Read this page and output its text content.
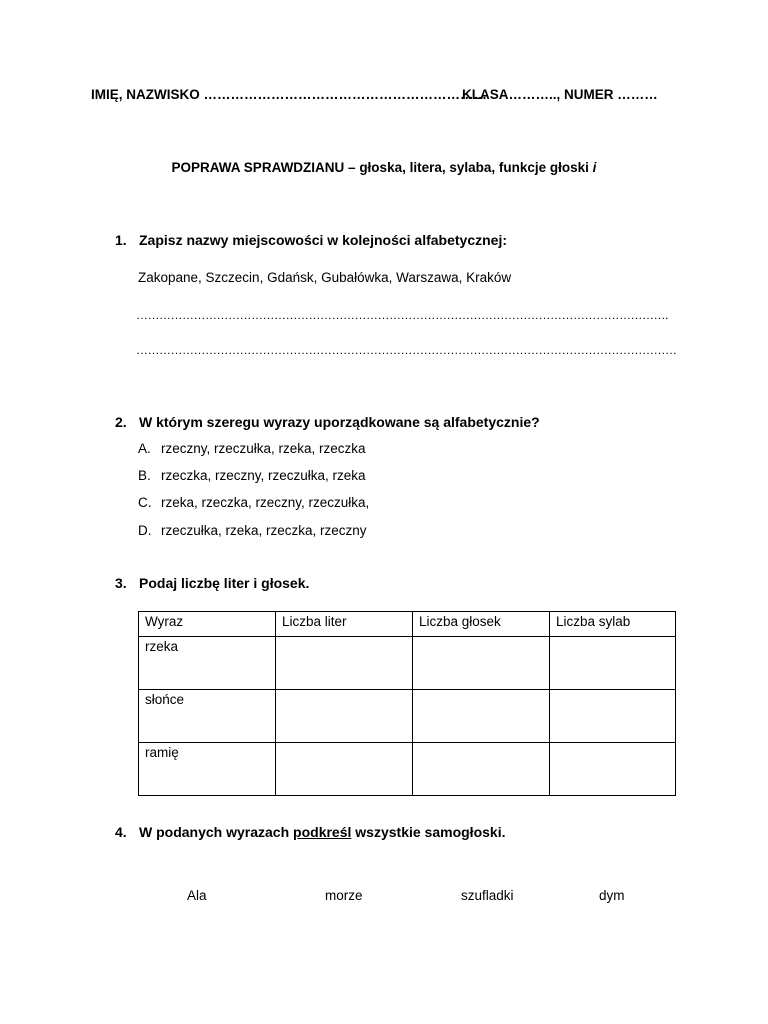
IMIĘ, NAZWISKO ………………………………………………………
KLASA……….., NUMER ………
POPRAWA SPRAWDZIANU – głoska, litera, sylaba, funkcje głoski i
1. Zapisz nazwy miejscowości w kolejności alfabetycznej:
Zakopane, Szczecin, Gdańsk, Gubałówka, Warszawa, Kraków
………………………………………………………………………………………………………………………….
……………………………………………………………………………………………………………………………
2. W którym szeregu wyrazy uporządkowane są alfabetycznie?
A. rzeczny, rzeczułka, rzeka, rzeczka
B. rzeczka, rzeczny, rzeczułka, rzeka
C. rzeka, rzeczka, rzeczny, rzeczułka,
D. rzeczułka, rzeka, rzeczka, rzeczny
3. Podaj liczbę liter i głosek.
Wyraz	Liczba liter	Liczba głosek	Liczba sylab
rzeka			
słońce			
ramię			
4. W podanych wyrazach podkreśl wszystkie samogłoski.
Ala	morze	szufladki	dym
